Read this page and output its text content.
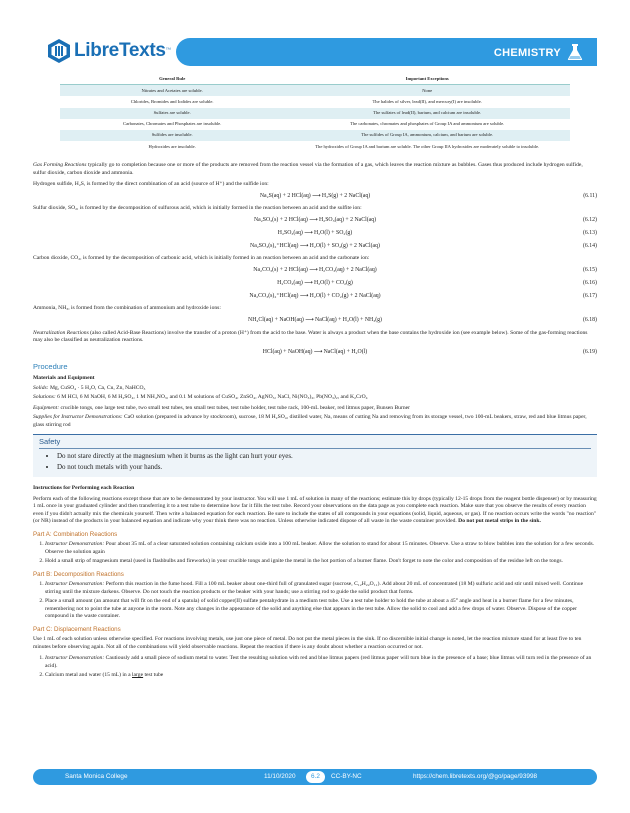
LibreTexts ™	CHEMISTRY
General Rule	Important Exceptions
Nitrates and Acetates are soluble.	None
Chlorides, Bromides and Iodides are soluble.	The halides of silver, lead(II), and mercury(I) are insoluble.
Sulfates are soluble.	The sulfates of lead(II), barium, and calcium are insoluble.
Carbonates, Chromates and Phosphates are insoluble.	The carbonates, chromates and phosphates of Group IA and ammonium are soluble.
Sulfides are insoluble.	The sulfides of Group IA, ammonium, calcium, and barium are soluble.
Hydroxides are insoluble.	The hydroxides of Group IA and barium are soluble. The other Group IIA hydroxides are moderately soluble to insoluble.

Gas Forming Reactions typically go to completion because one or more of the products are removed from the reaction vessel via the formation of a gas, which leaves the reaction mixture as bubbles. Gases thus produced include hydrogen sulfide, sulfur dioxide, carbon dioxide and ammonia.

Hydrogen sulfide, H₂S, is formed by the direct combination of an acid (source of H⁺) and the sulfide ion:

Na₂S(aq) + 2 HCl(aq) ⟶ H₂S(g) + 2 NaCl(aq)	(6.11)

Sulfur dioxide, SO₂, is formed by the decomposition of sulfurous acid, which is initially formed in the reaction between an acid and the sulfite ion:

Na₂SO₃(s) + 2 HCl(aq) ⟶ H₂SO₃(aq) + 2 NaCl(aq)	(6.12)
H₂SO₃(aq) ⟶ H₂O(l) + SO₂(g)	(6.13)
Na₂SO₃(s)₂⁺HCl(aq) ⟶ H₂O(l) + SO₂(g) + 2 NaCl(aq)	(6.14)

Carbon dioxide, CO₂, is formed by the decomposition of carbonic acid, which is initially formed in an reaction between an acid and the carbonate ion:

Na₂CO₃(s) + 2 HCl(aq) ⟶ H₂CO₃(aq) + 2 NaCl(aq)	(6.15)
H₂CO₃(aq) ⟶ H₂O(l) + CO₂(g)	(6.16)
Na₂CO₃(s)₂⁺HCl(aq) ⟶ H₂O(l) + CO₂(g) + 2 NaCl(aq)	(6.17)

Ammonia, NH₃, is formed from the combination of ammonium and hydroxide ions:

NH₄Cl(aq) + NaOH(aq) ⟶ NaCl(aq) + H₂O(l) + NH₃(g)	(6.18)

Neutralization Reactions (also called Acid-Base Reactions) involve the transfer of a proton (H⁺) from the acid to the base. Water is always a product when the base contains the hydroxide ion (see example below). Some of the gas-forming reactions may also be classified as neutralization reactions.

HCl(aq) + NaOH(aq) ⟶ NaCl(aq) + H₂O(l)	(6.19)
Procedure
Materials and Equipment

Solids: Mg, CuSO₄ · 5 H₂O, Ca, Cu, Zn, NaHCO₃

Solutions: 6 M HCl, 6 M NaOH, 6 M H₂SO₄, 1 M NH₄NO₃, and 0.1 M solutions of CuSO₄, ZnSO₄, AgNO₃, NaCl, Ni(NO₃)₂, Pb(NO₃)₂, and K₂CrO₄

Equipment: crucible tongs, one large test tube, two small test tubes, ten small test tubes, test tube holder, test tube rack, 100-mL beaker, red litmus paper, Bunsen Burner

Supplies for Instructor Demonstrations: CaO solution (prepared in advance by stockroom), sucrose, 18 M H₂SO₄, distilled water, Na, means of cutting Na and removing from its storage vessel, two 100-mL beakers, straw, red and blue litmus paper, glass stirring rod

Safety
• Do not stare directly at the magnesium when it burns as the light can hurt your eyes.
• Do not touch metals with your hands.
Instructions for Performing each Reaction

Perform each of the following reactions except those that are to be demonstrated by your instructor. You will use 1 mL of solution in many of the reactions; estimate this by drops (typically 12-15 drops from the reagent bottle dispenser) or by measuring 1 mL once in your graduated cylinder and then transferring it to a test tube to determine how far it fills the test tube. Record your observations on the data page as you complete each reaction. Make sure that you observe the results of every reaction even if you didn't actually mix the chemicals yourself. Then write a balanced equation for each reaction. Be sure to include the states of all compounds in your equations (solid, liquid, aqueous, or gas). If no reaction occurs write the words "no reaction" (or NR) instead of the products in your balanced equation and indicate why your think there was no reaction. Unless otherwise indicated dispose of all waste in the waste container provided. Do not put metal strips in the sink.

Part A: Combination Reactions
1. Instructor Demonstration: Pour about 35 mL of a clear saturated solution containing calcium oxide into a 100 mL beaker. Allow the solution to stand for about 15 minutes. Observe. Use a straw to blow bubbles into the solution for a few seconds. Observe the solution again
2. Hold a small strip of magnesium metal (used in flashbulbs and fireworks) in your crucible tongs and ignite the metal in the hot portion of a burner flame. Don't forget to note the color and composition of the residue left on the tongs.
Part B: Decomposition Reactions
1. Instructor Demonstration: Perform this reaction in the fume hood. Fill a 100 mL beaker about one-third full of granulated sugar (sucrose, C₁₂H₂₂O₁₁). Add about 20 mL of concentrated (18 M) sulfuric acid and stir until mixed well. Continue stirring until the mixture darkens. Observe. Do not touch the reaction products or the beaker with your hands; use a stirring rod to guide the solid product that forms.
2. Place a small amount (an amount that will fit on the end of a spatula) of solid copper(II) sulfate pentahydrate in a medium test tube. Use a test tube holder to hold the tube at about a 45° angle and heat in a burner flame for a few minutes, remembering not to point the tube at anyone in the room. Note any changes in the appearance of the solid and anything else that appears in the test tube. Allow the solid to cool and add a few drops of water. Observe. Dispose of the copper compound in the waste container.
Part C: Displacement Reactions

Use 1 mL of each solution unless otherwise specified. For reactions involving metals, use just one piece of metal. Do not put the metal pieces in the sink. If no discernible initial change is noted, let the reaction mixture stand for at least five to ten minutes before observing again. Not all of the combinations will yield observable reactions. Repeat the reaction if there is any doubt about whether a reaction occurred or not.

1. Instructor Demonstration: Cautiously add a small piece of sodium metal to water. Test the resulting solution with red and blue litmus papers (red litmus paper will turn blue in the presence of a base; blue litmus will turn red in the presence of an acid).
2. Calcium metal and water (15 mL) in a large test tube
Santa Monica College	11/10/2020	6.2	CC-BY-NC	https://chem.libretexts.org/@go/page/93998
